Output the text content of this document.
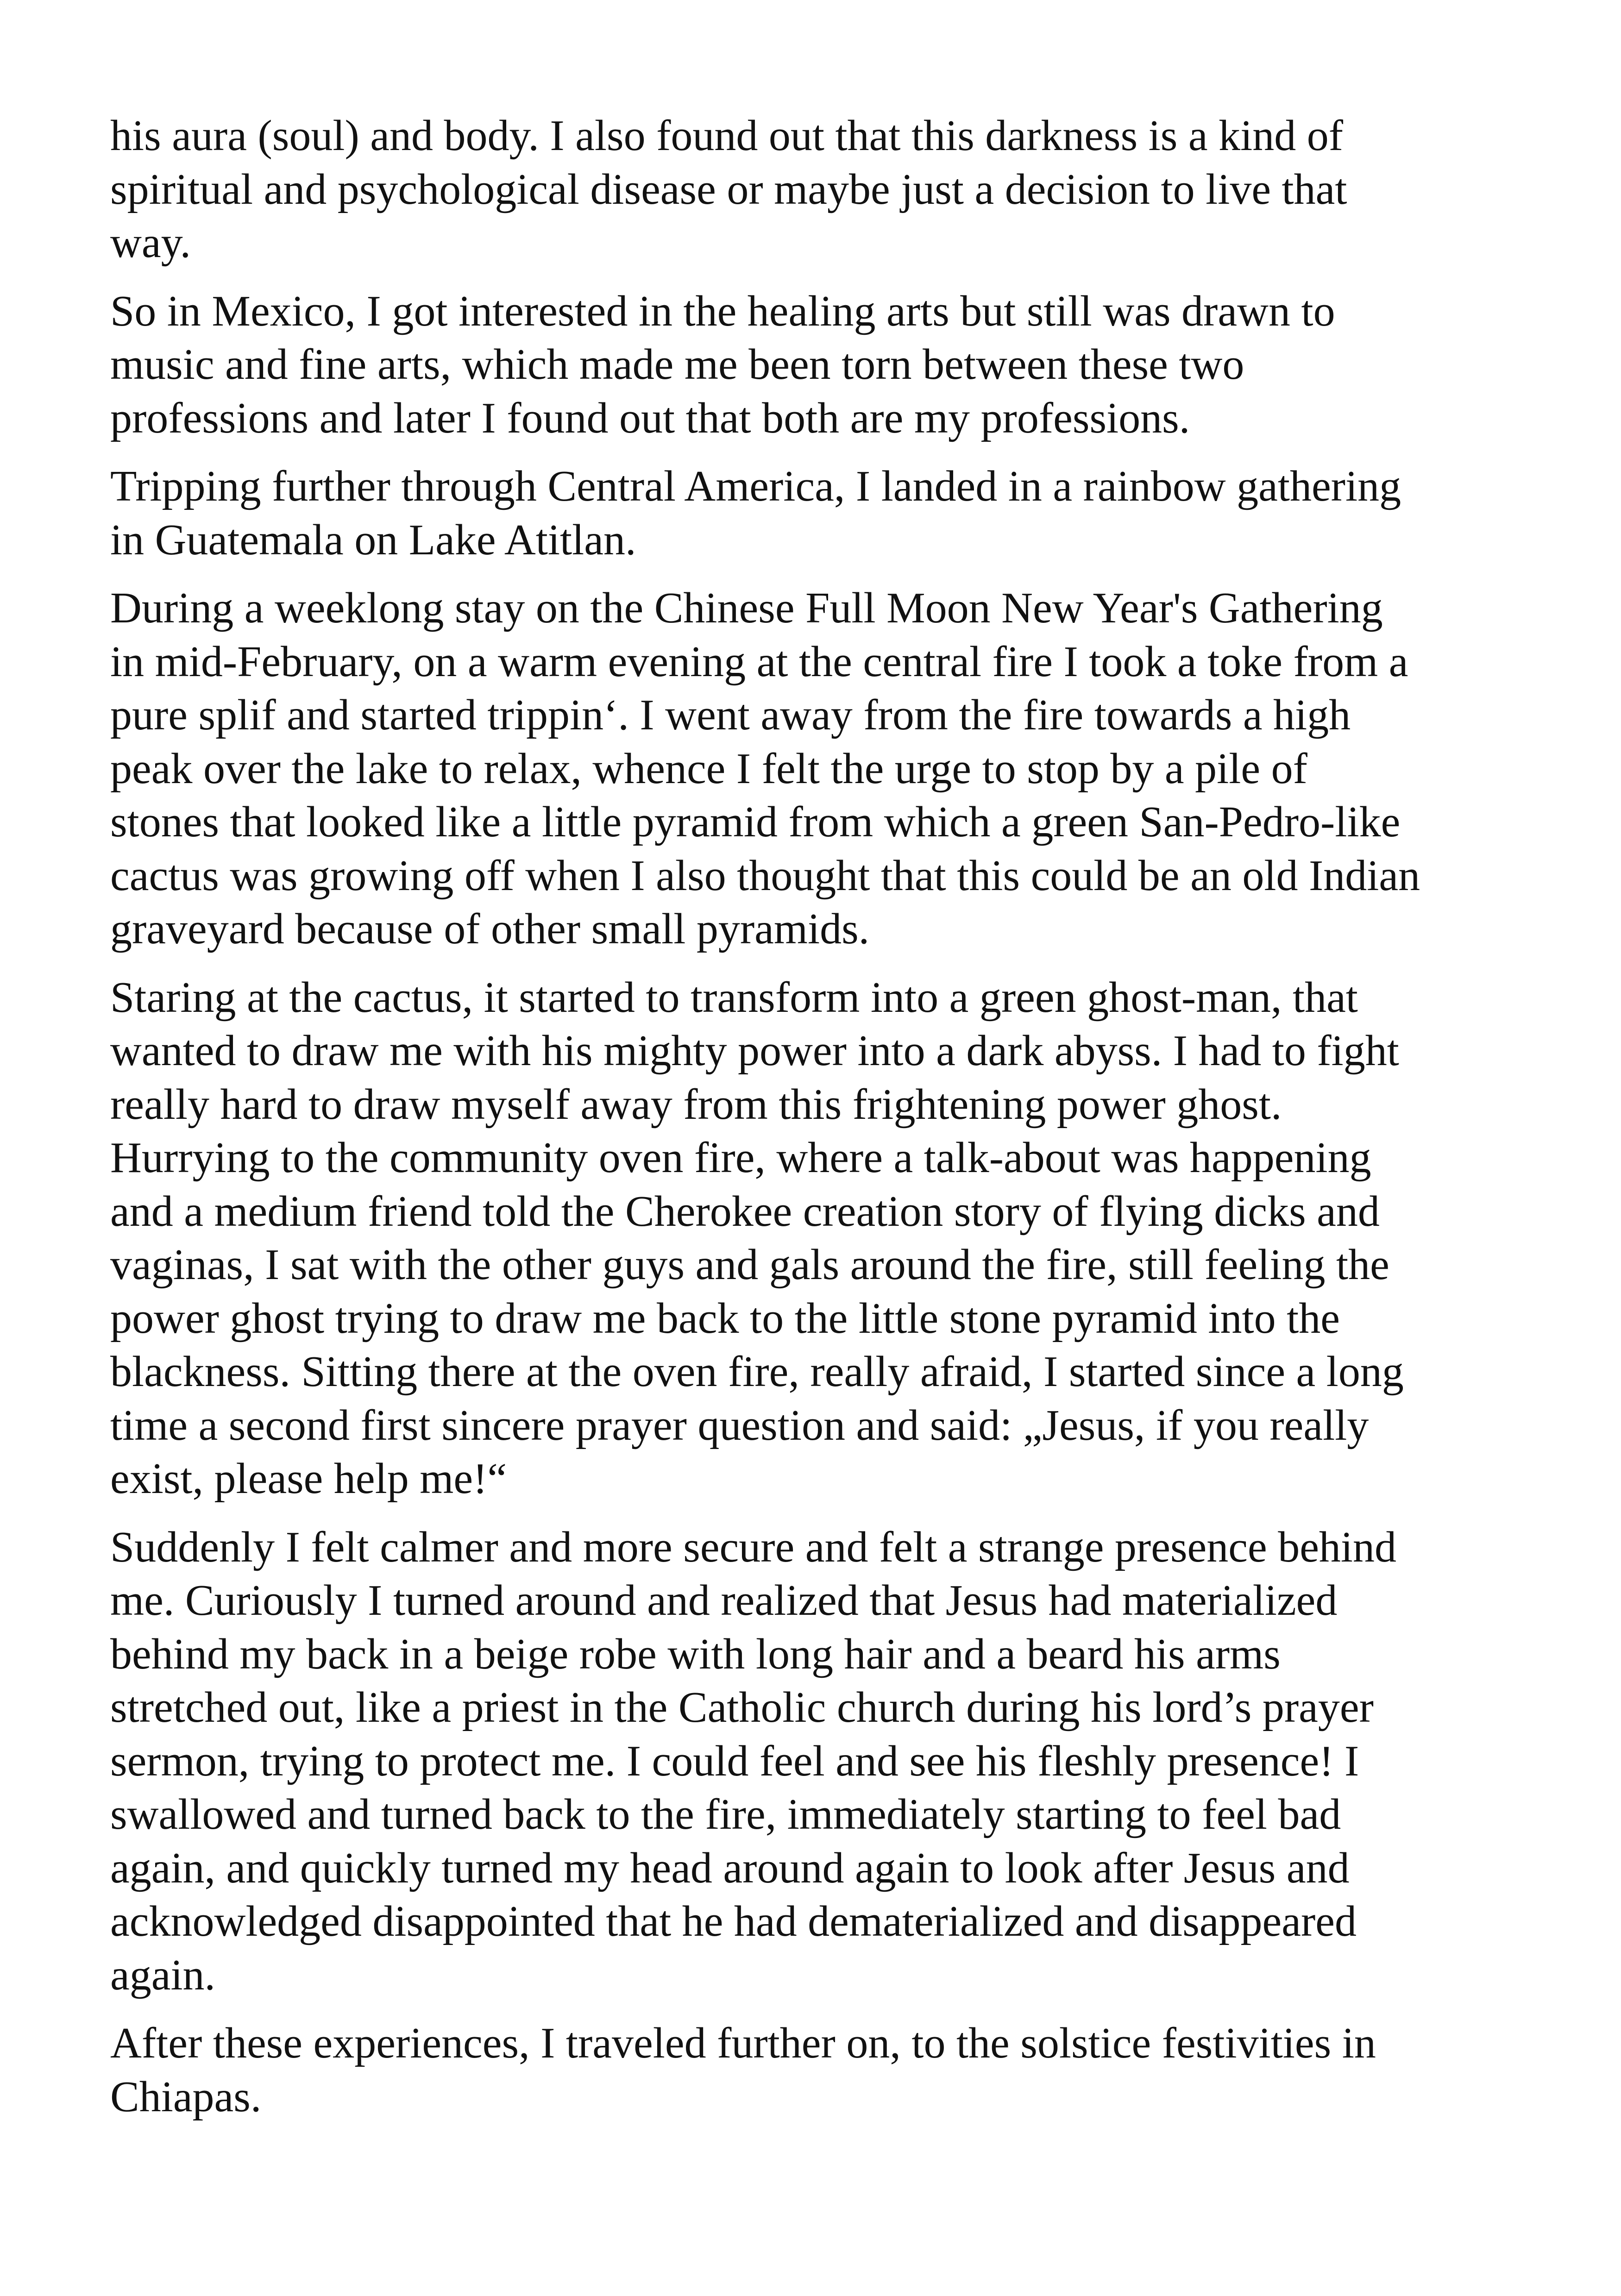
his aura (soul) and body. I also found out that this darkness is a kind of
spiritual and psychological disease or maybe just a decision to live that
way.

So in Mexico, I got interested in the healing arts but still was drawn to
music and fine arts, which made me been torn between these two
professions and later I found out that both are my professions.

Tripping further through Central America, I landed in a rainbow gathering
in Guatemala on Lake Atitlan.

During a weeklong stay on the Chinese Full Moon New Year's Gathering
in mid-February, on a warm evening at the central fire I took a toke from a
pure splif and started trippin‘. I went away from the fire towards a high
peak over the lake to relax, whence I felt the urge to stop by a pile of
stones that looked like a little pyramid from which a green San-Pedro-like
cactus was growing off when I also thought that this could be an old Indian
graveyard because of other small pyramids.

Staring at the cactus, it started to transform into a green ghost-man, that
wanted to draw me with his mighty power into a dark abyss. I had to fight
really hard to draw myself away from this frightening power ghost.
Hurrying to the community oven fire, where a talk-about was happening
and a medium friend told the Cherokee creation story of flying dicks and
vaginas, I sat with the other guys and gals around the fire, still feeling the
power ghost trying to draw me back to the little stone pyramid into the
blackness. Sitting there at the oven fire, really afraid, I started since a long
time a second first sincere prayer question and said: „Jesus, if you really
exist, please help me!“

Suddenly I felt calmer and more secure and felt a strange presence behind
me. Curiously I turned around and realized that Jesus had materialized
behind my back in a beige robe with long hair and a beard his arms
stretched out, like a priest in the Catholic church during his lord’s prayer
sermon, trying to protect me. I could feel and see his fleshly presence! I
swallowed and turned back to the fire, immediately starting to feel bad
again, and quickly turned my head around again to look after Jesus and
acknowledged disappointed that he had dematerialized and disappeared
again.

After these experiences, I traveled further on, to the solstice festivities in
Chiapas.
